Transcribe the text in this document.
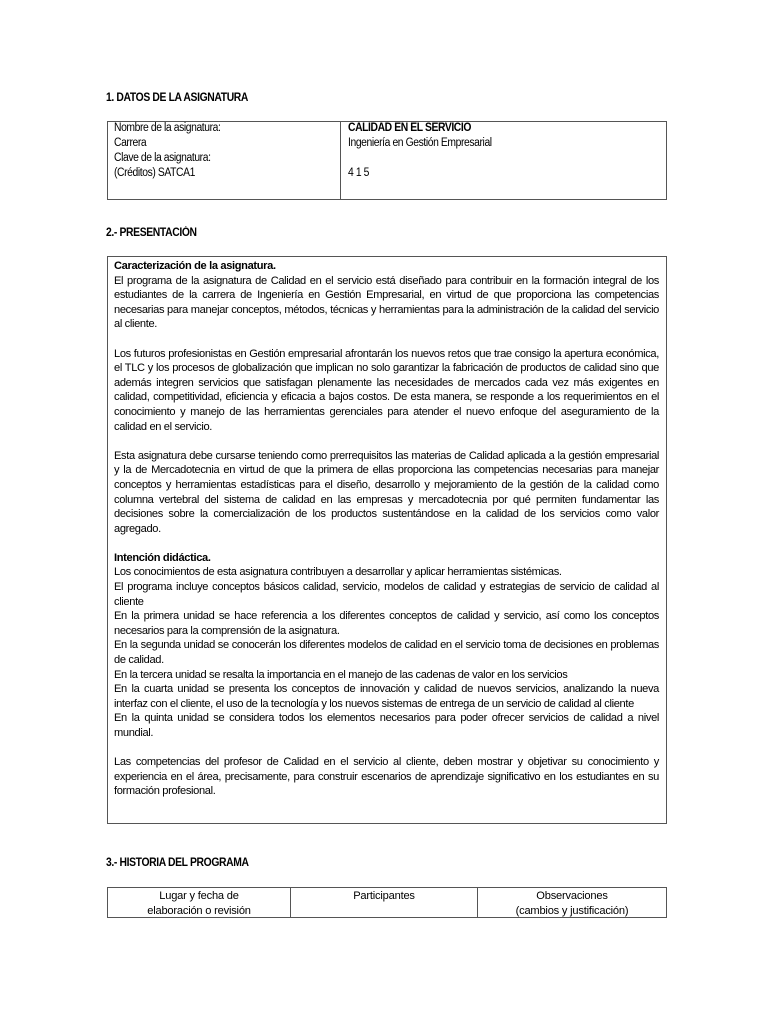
1. DATOS DE LA ASIGNATURA
Nombre de la asignatura:
Carrera
Clave de la asignatura:
(Créditos) SATCA1
CALIDAD EN EL SERVICIO
Ingeniería en Gestión Empresarial
4 1 5
2.- PRESENTACIÓN

Caracterización de la asignatura.

El programa de la asignatura de Calidad en el servicio está diseñado para contribuir en la formación integral de los estudiantes de la carrera de Ingeniería en Gestión Empresarial, en virtud de que proporciona las competencias necesarias para manejar conceptos, métodos, técnicas y herramientas para la administración de la calidad del servicio al cliente.

Los futuros profesionistas en Gestión empresarial afrontarán los nuevos retos que trae consigo la apertura económica, el TLC y los procesos de globalización que implican no solo garantizar la fabricación de productos de calidad sino que además integren servicios que satisfagan plenamente las necesidades de mercados cada vez más exigentes en calidad, competitividad, eficiencia y eficacia a bajos costos. De esta manera, se responde a los requerimientos en el conocimiento y manejo de las herramientas gerenciales para atender el nuevo enfoque del aseguramiento de la calidad en el servicio.

Esta asignatura debe cursarse teniendo como prerrequisitos las materias de Calidad aplicada a la gestión empresarial y la de Mercadotecnia en virtud de que la primera de ellas proporciona las competencias necesarias para manejar conceptos y herramientas estadísticas para el diseño, desarrollo y mejoramiento de la gestión de la calidad como columna vertebral del sistema de calidad en las empresas y mercadotecnia por qué permiten fundamentar las decisiones sobre la comercialización de los productos sustentándose en la calidad de los servicios como valor agregado.

Intención didáctica.

Los conocimientos de esta asignatura contribuyen a desarrollar y aplicar herramientas sistémicas.

El programa incluye conceptos básicos calidad, servicio, modelos de calidad y estrategias de servicio de calidad al cliente

En la primera unidad se hace referencia a los diferentes conceptos de calidad y servicio, así como los conceptos necesarios para la comprensión de la asignatura.

En la segunda unidad se conocerán los diferentes modelos de calidad en el servicio toma de decisiones en problemas de calidad.

En la tercera unidad se resalta la importancia en el manejo de las cadenas de valor en los servicios

En la cuarta unidad se presenta los conceptos de innovación y calidad de nuevos servicios, analizando la nueva interfaz con el cliente, el uso de la tecnología y los nuevos sistemas de entrega de un servicio de calidad al cliente

En la quinta unidad se considera todos los elementos necesarios para poder ofrecer servicios de calidad a nivel mundial.

Las competencias del profesor de Calidad en el servicio al cliente, deben mostrar y objetivar su conocimiento y experiencia en el área, precisamente, para construir escenarios de aprendizaje significativo en los estudiantes en su formación profesional.

3.- HISTORIA DEL PROGRAMA
Lugar y fecha de
elaboración o revisión
Participantes	Observaciones
(cambios y justificación)
